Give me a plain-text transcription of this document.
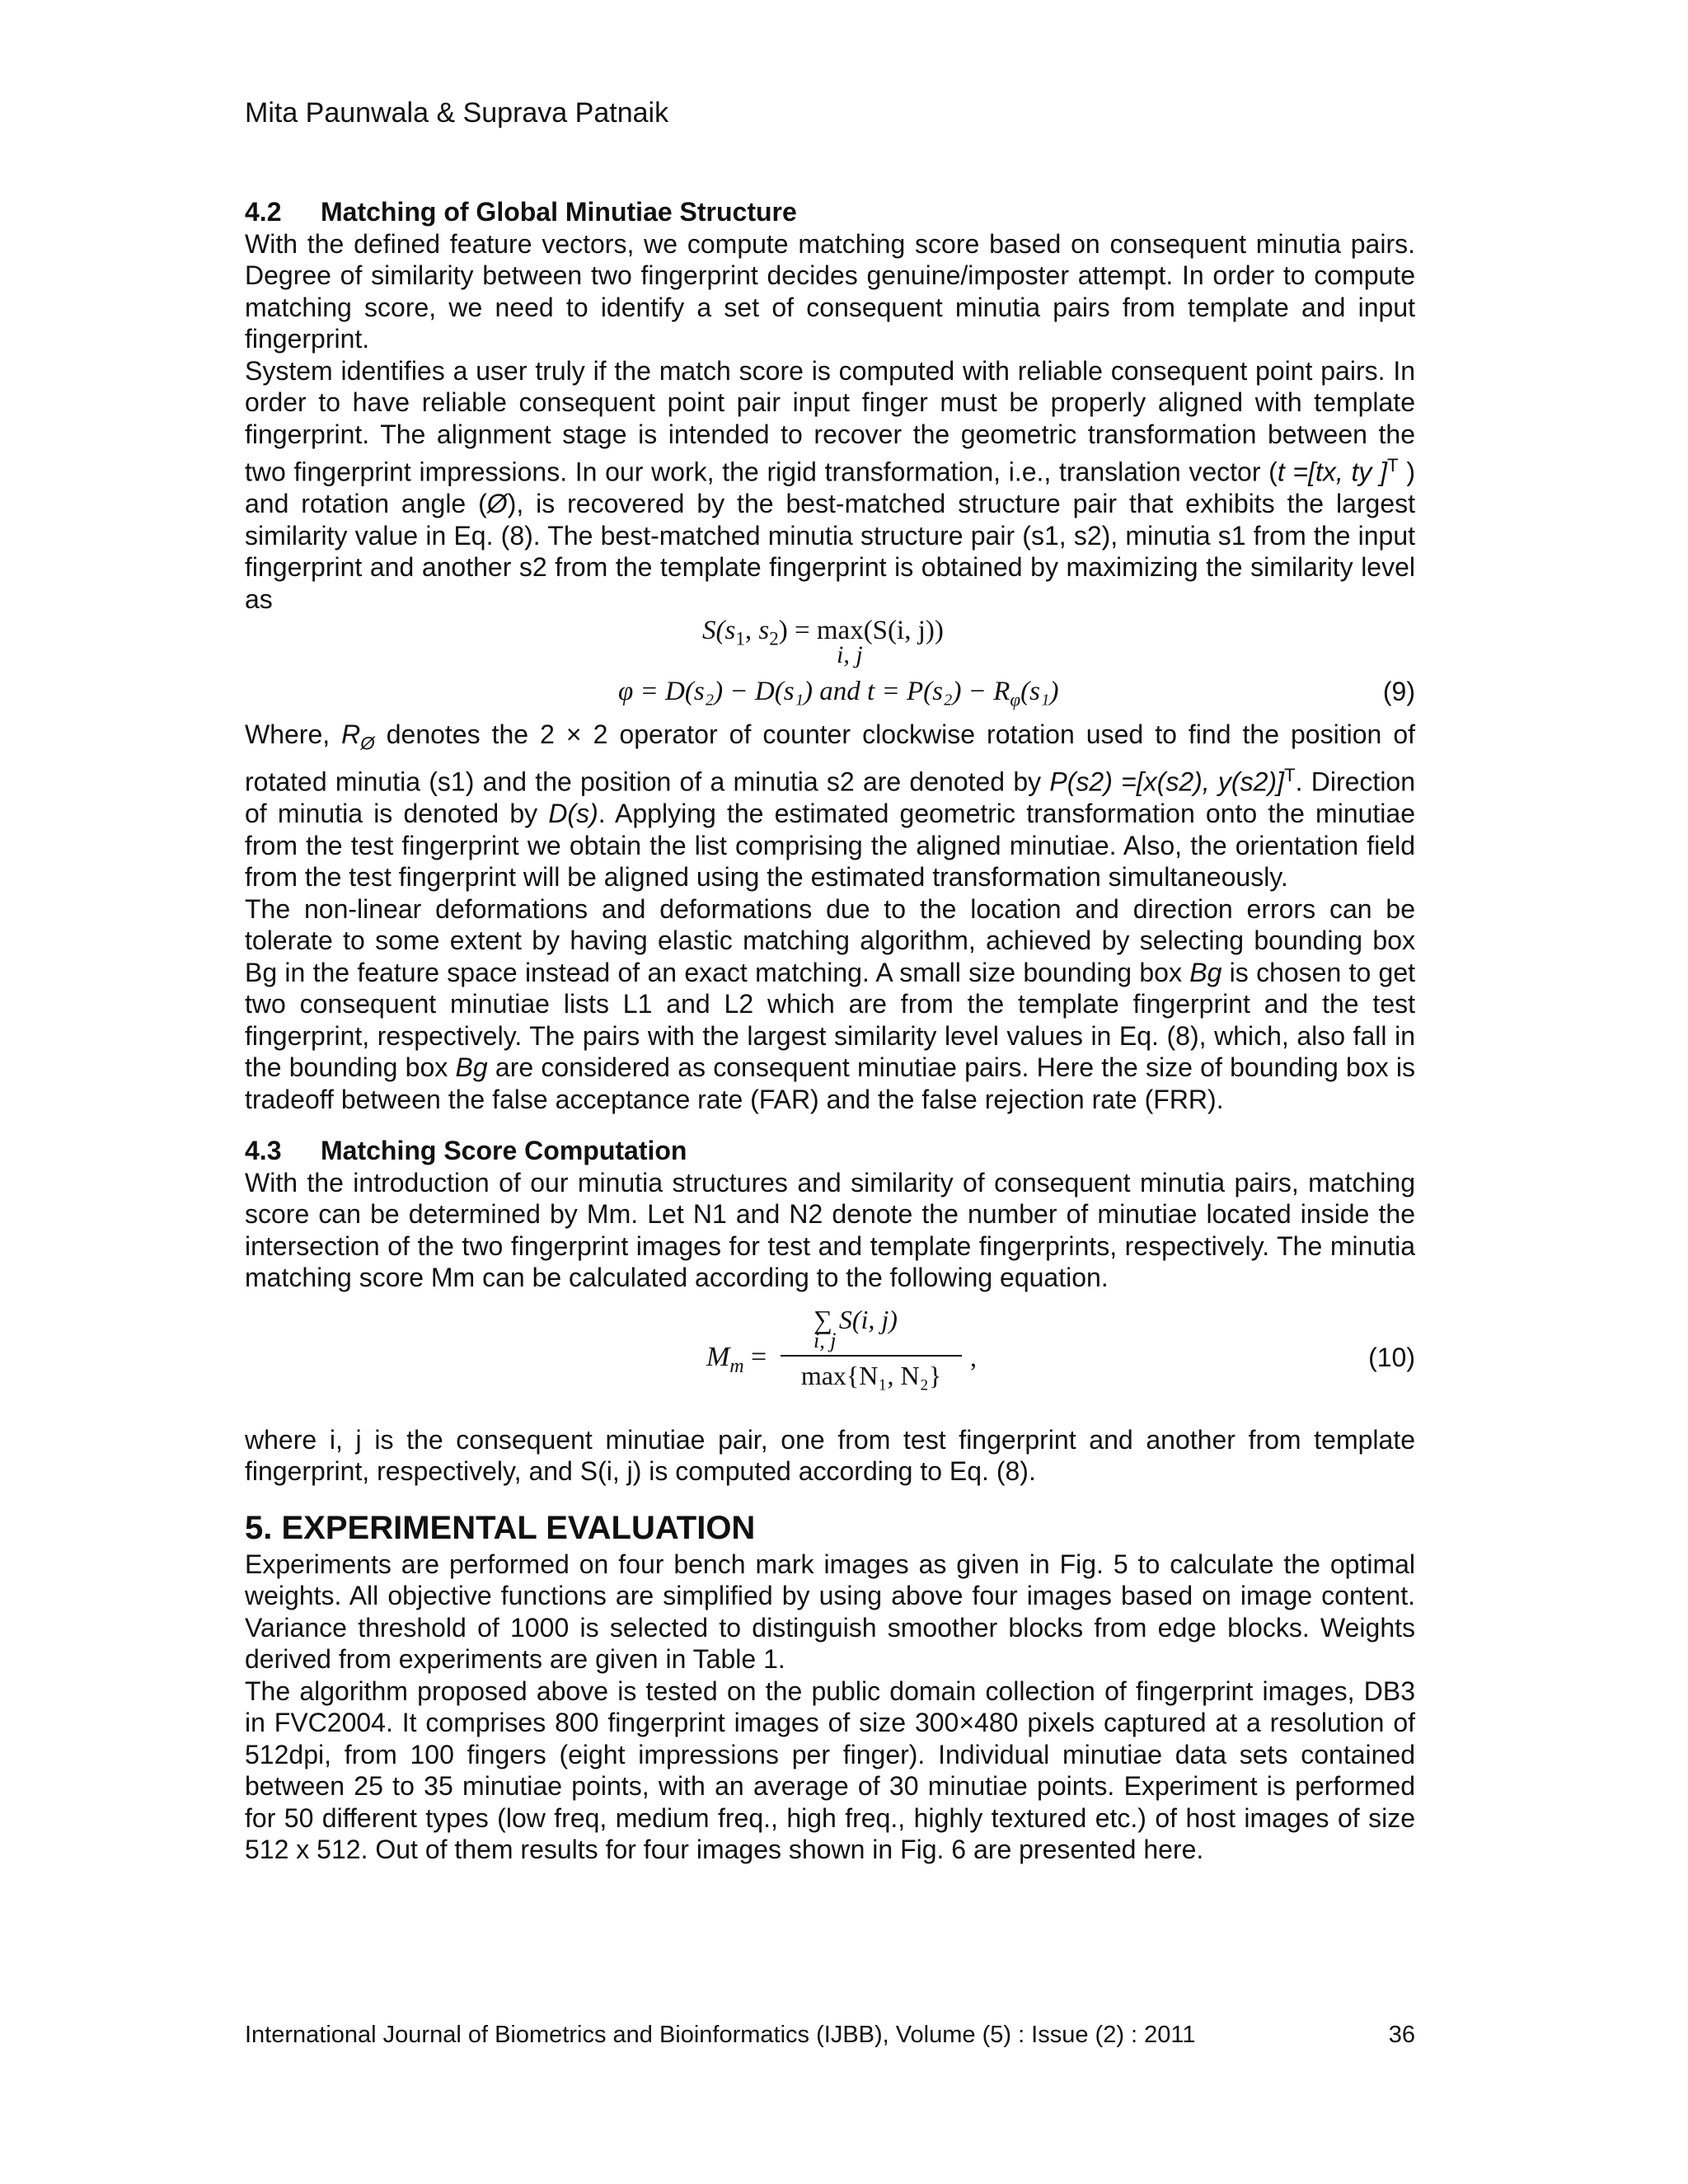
Mita Paunwala & Suprava Patnaik
4.2 Matching of Global Minutiae Structure

With the defined feature vectors, we compute matching score based on consequent minutia pairs. Degree of similarity between two fingerprint decides genuine/imposter attempt. In order to compute matching score, we need to identify a set of consequent minutia pairs from template and input fingerprint.

System identifies a user truly if the match score is computed with reliable consequent point pairs. In order to have reliable consequent point pair input finger must be properly aligned with template fingerprint. The alignment stage is intended to recover the geometric transformation between the two fingerprint impressions. In our work, the rigid transformation, i.e., translation vector (t =[tx, ty ]$^T$ ) and rotation angle (Ø), is recovered by the best-matched structure pair that exhibits the largest similarity value in Eq. (8). The best-matched minutia structure pair (s1, s2), minutia s1 from the input fingerprint and another s2 from the template fingerprint is obtained by maximizing the similarity level as

$S(s_1$, $s_2) = \max(S(i$, j))
i, j
φ = D(s₂) − D(s₁) and $t = P(s_2) - R_\varphi(s_1)$	(9)

Where, $R_Ø$ denotes the 2 × 2 operator of counter clockwise rotation used to find the position of rotated minutia (s1) and the position of a minutia s2 are denoted by P(s2) =[x(s2), y(s2)]$^T$. Direction of minutia is denoted by D(s). Applying the estimated geometric transformation onto the minutiae from the test fingerprint we obtain the list comprising the aligned minutiae. Also, the orientation field from the test fingerprint will be aligned using the estimated transformation simultaneously.

The non-linear deformations and deformations due to the location and direction errors can be tolerate to some extent by having elastic matching algorithm, achieved by selecting bounding box Bg in the feature space instead of an exact matching. A small size bounding box Bg is chosen to get two consequent minutiae lists L1 and L2 which are from the template fingerprint and the test fingerprint, respectively. The pairs with the largest similarity level values in Eq. (8), which, also fall in the bounding box Bg are considered as consequent minutiae pairs. Here the size of bounding box is tradeoff between the false acceptance rate (FAR) and the false rejection rate (FRR).

4.3 Matching Score Computation

With the introduction of our minutia structures and similarity of consequent minutia pairs, matching score can be determined by Mm. Let N1 and N2 denote the number of minutiae located inside the intersection of the two fingerprint images for test and template fingerprints, respectively. The minutia matching score Mm can be calculated according to the following equation.

$M_m$ =
∑ S(i, j)
i, j
max{N₁, N₂}
,	(10)

where i, j is the consequent minutiae pair, one from test fingerprint and another from template fingerprint, respectively, and S(i, j) is computed according to Eq. (8).

5. EXPERIMENTAL EVALUATION

Experiments are performed on four bench mark images as given in Fig. 5 to calculate the optimal weights. All objective functions are simplified by using above four images based on image content. Variance threshold of 1000 is selected to distinguish smoother blocks from edge blocks. Weights derived from experiments are given in Table 1.

The algorithm proposed above is tested on the public domain collection of fingerprint images, DB3 in FVC2004. It comprises 800 fingerprint images of size 300×480 pixels captured at a resolution of 512dpi, from 100 fingers (eight impressions per finger). Individual minutiae data sets contained between 25 to 35 minutiae points, with an average of 30 minutiae points. Experiment is performed for 50 different types (low freq, medium freq., high freq., highly textured etc.) of host images of size 512 x 512. Out of them results for four images shown in Fig. 6 are presented here.

International Journal of Biometrics and Bioinformatics (IJBB), Volume (5) : Issue (2) : 2011	36
